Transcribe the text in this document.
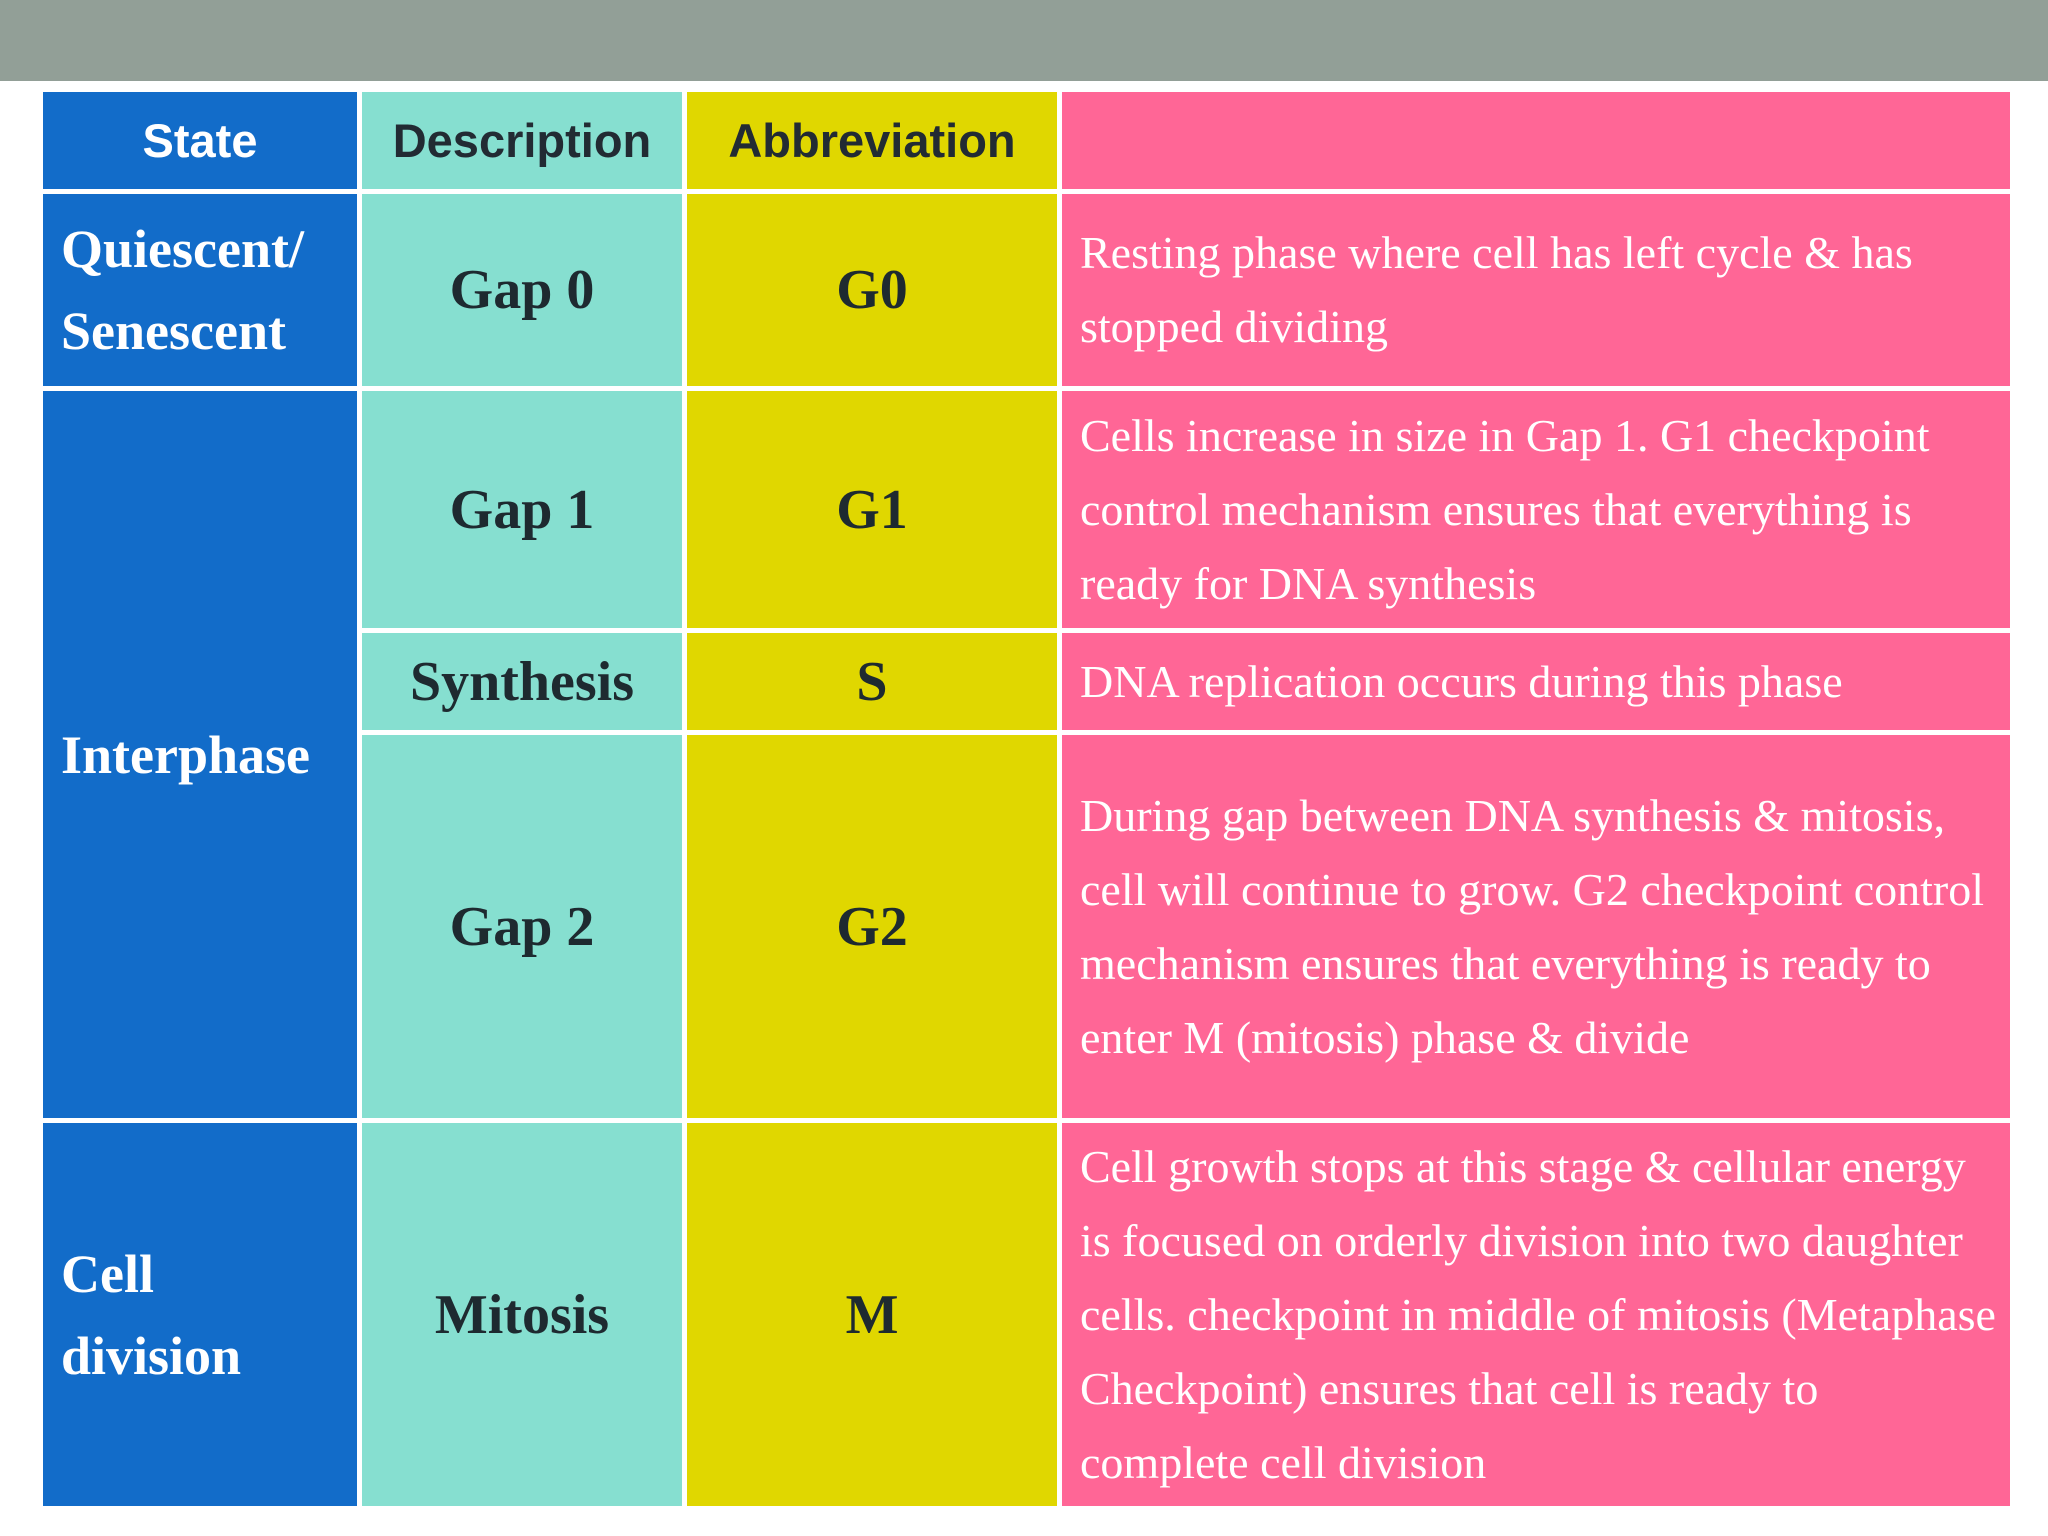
State	Description	Abbreviation	
Quiescent/ Senescent	Gap 0	G0	Resting phase where cell has left cycle & has stopped dividing
Interphase	Gap 1	G1	Cells increase in size in Gap 1. G1 checkpoint control mechanism ensures that everything is ready for DNA synthesis
	Synthesis	S	DNA replication occurs during this phase
	Gap 2	G2	During gap between DNA synthesis & mitosis, cell will continue to grow. G2 checkpoint control mechanism ensures that everything is ready to enter M (mitosis) phase & divide
Cell division	Mitosis	M	Cell growth stops at this stage & cellular energy is focused on orderly division into two daughter cells. checkpoint in middle of mitosis (Metaphase Checkpoint) ensures that cell is ready to complete cell division
